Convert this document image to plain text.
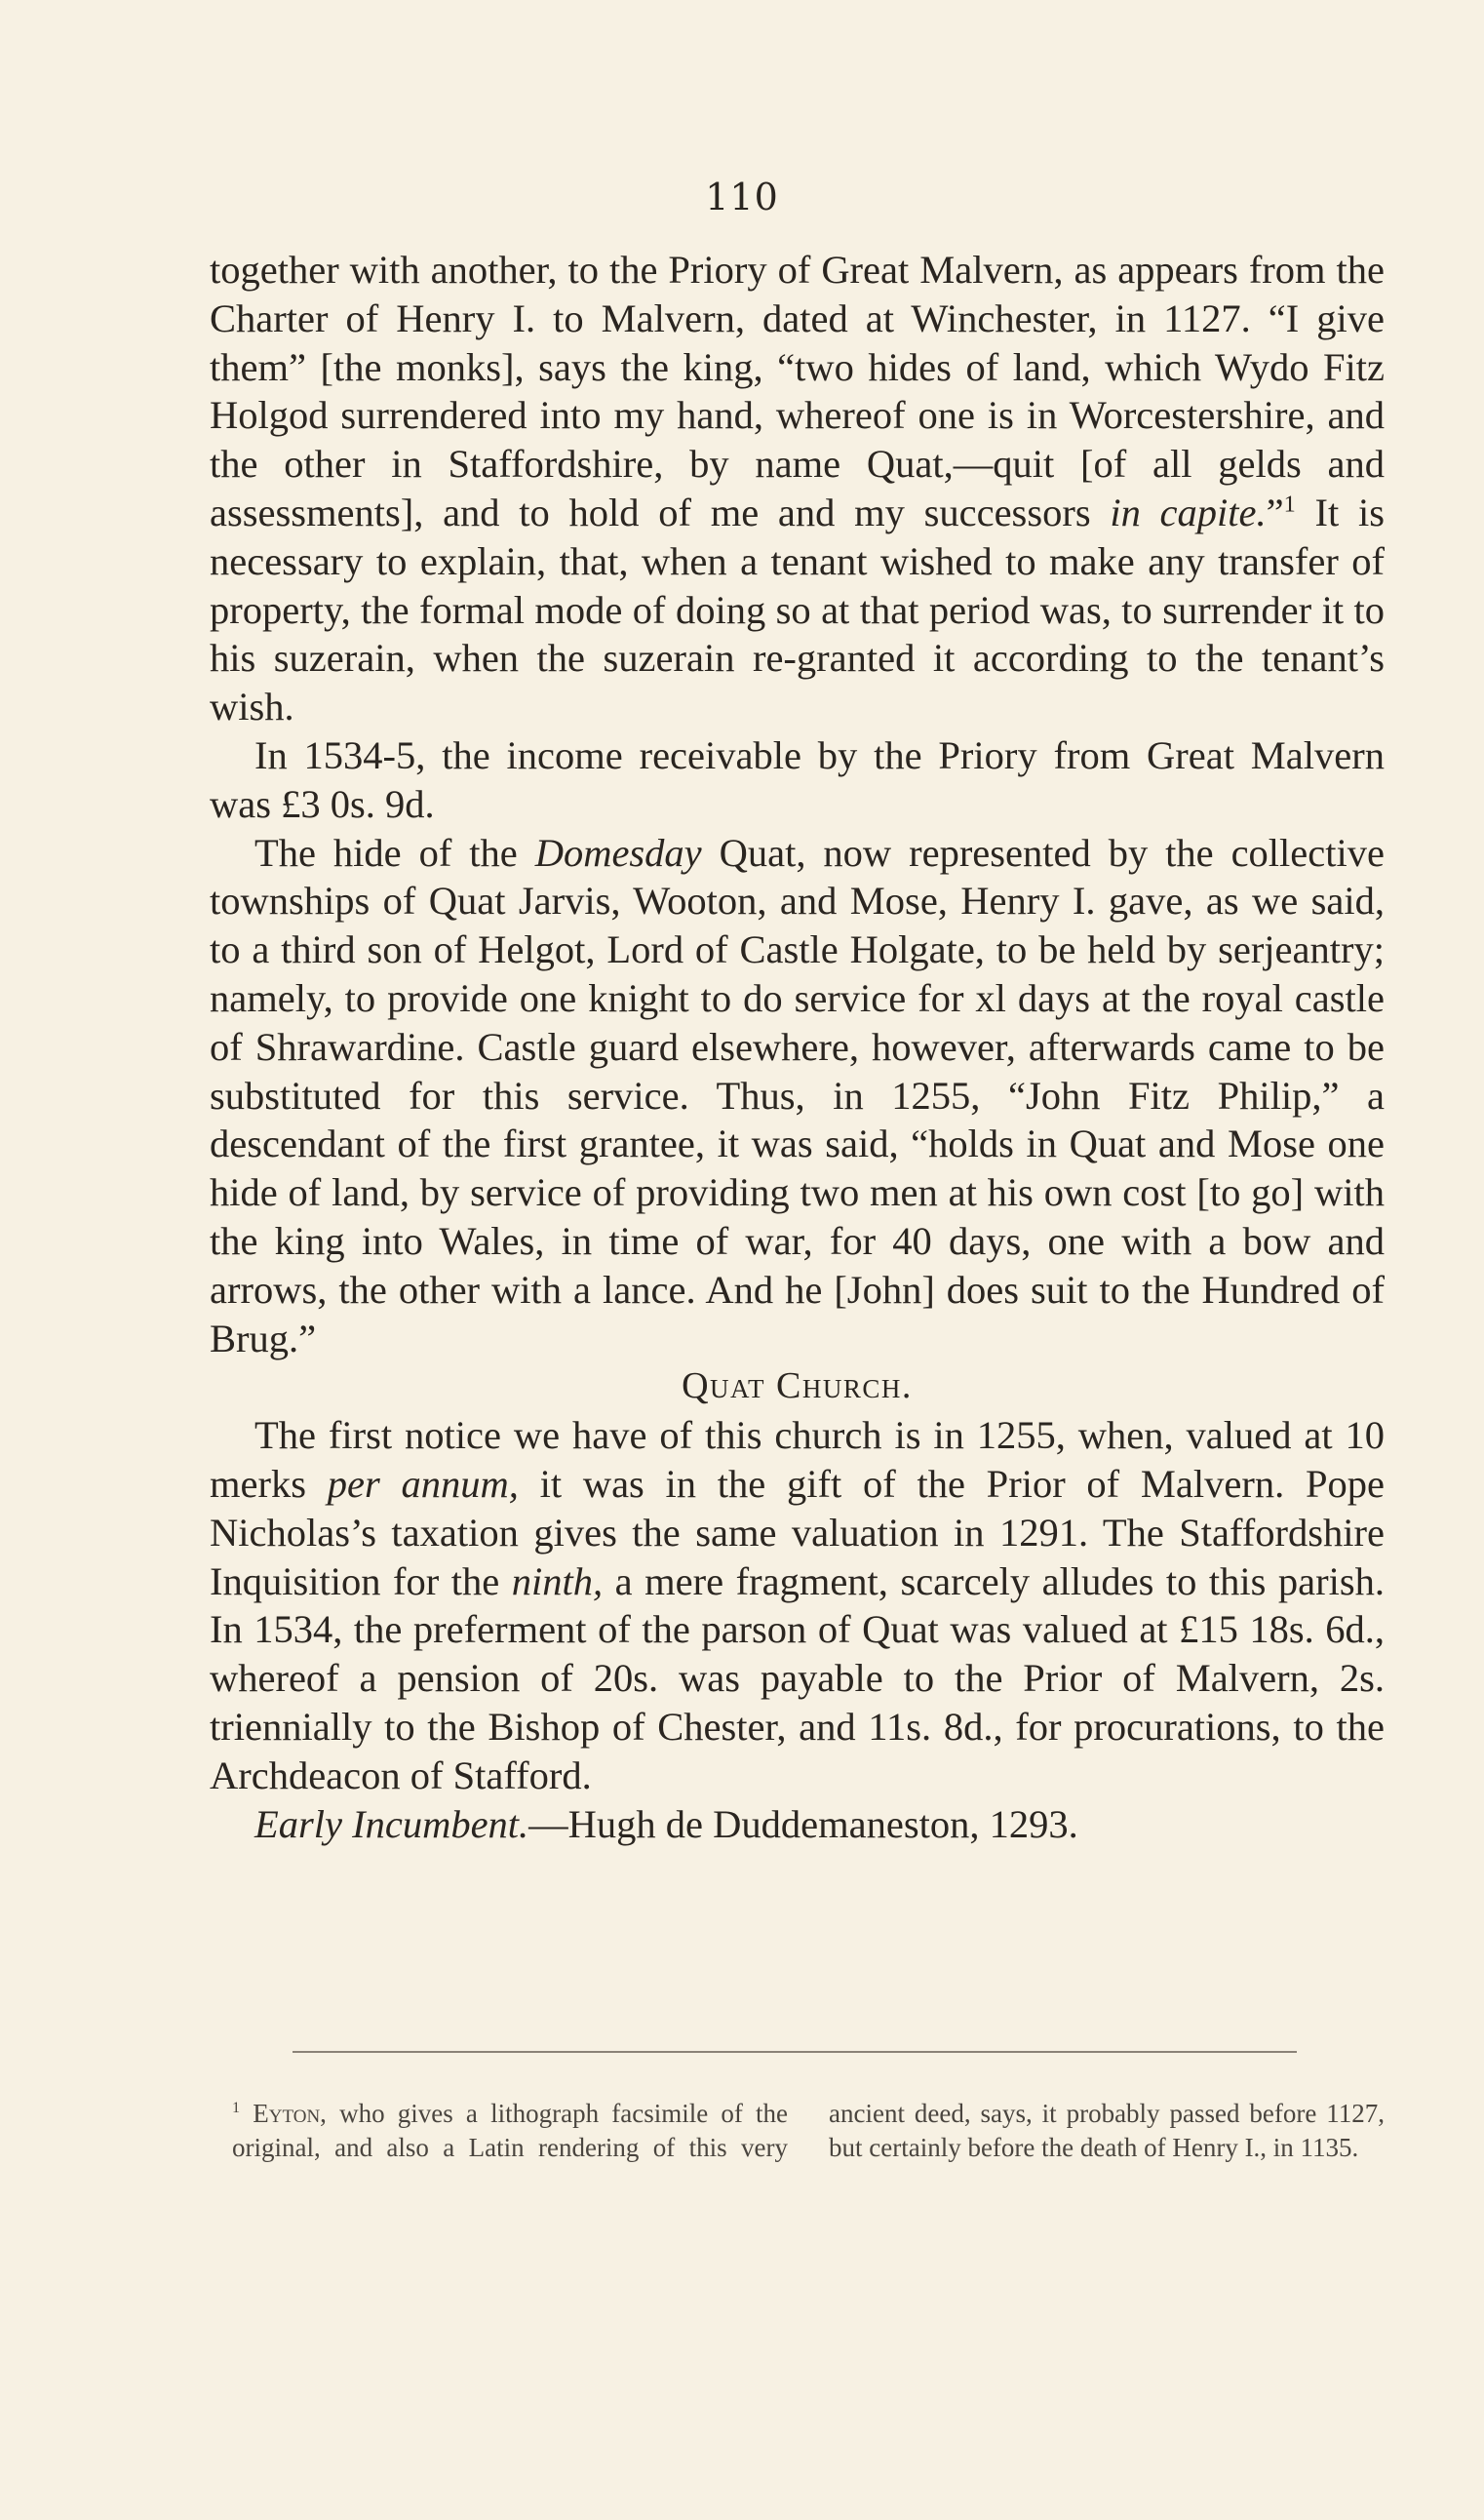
110

together with another, to the Priory of Great Malvern, as appears from the Charter of Henry I. to Malvern, dated at Winchester, in 1127. “I give them” [the monks], says the king, “two hides of land, which Wydo Fitz Holgod surrendered into my hand, whereof one is in Worcestershire, and the other in Staffordshire, by name Quat,—quit [of all gelds and assessments], and to hold of me and my successors in capite.”$^1$ It is necessary to explain, that, when a tenant wished to make any transfer of property, the formal mode of doing so at that period was, to surrender it to his suzerain, when the suzerain re-granted it according to the tenant’s wish.

In 1534-5, the income receivable by the Priory from Great Malvern was £3 0s. 9d.

The hide of the Domesday Quat, now represented by the collective townships of Quat Jarvis, Wooton, and Mose, Henry I. gave, as we said, to a third son of Helgot, Lord of Castle Holgate, to be held by serjeantry; namely, to provide one knight to do service for xl days at the royal castle of Shrawardine. Castle guard elsewhere, however, afterwards came to be substituted for this service. Thus, in 1255, “John Fitz Philip,” a descendant of the first grantee, it was said, “holds in Quat and Mose one hide of land, by service of providing two men at his own cost [to go] with the king into Wales, in time of war, for 40 days, one with a bow and arrows, the other with a lance. And he [John] does suit to the Hundred of Brug.”

Quat Church.

The first notice we have of this church is in 1255, when, valued at 10 merks per annum, it was in the gift of the Prior of Malvern. Pope Nicholas’s taxation gives the same valuation in 1291. The Staffordshire Inquisition for the ninth, a mere fragment, scarcely alludes to this parish. In 1534, the preferment of the parson of Quat was valued at £15 18s. 6d., whereof a pension of 20s. was payable to the Prior of Malvern, 2s. triennially to the Bishop of Chester, and 11s. 8d., for procurations, to the Archdeacon of Stafford.

Early Incumbent.—Hugh de Duddemaneston, 1293.

$^1$ Eyton, who gives a lithograph facsimile of the original, and also a Latin rendering of this very ancient deed, says, it probably passed before 1127, but certainly before the death of Henry I., in 1135.
